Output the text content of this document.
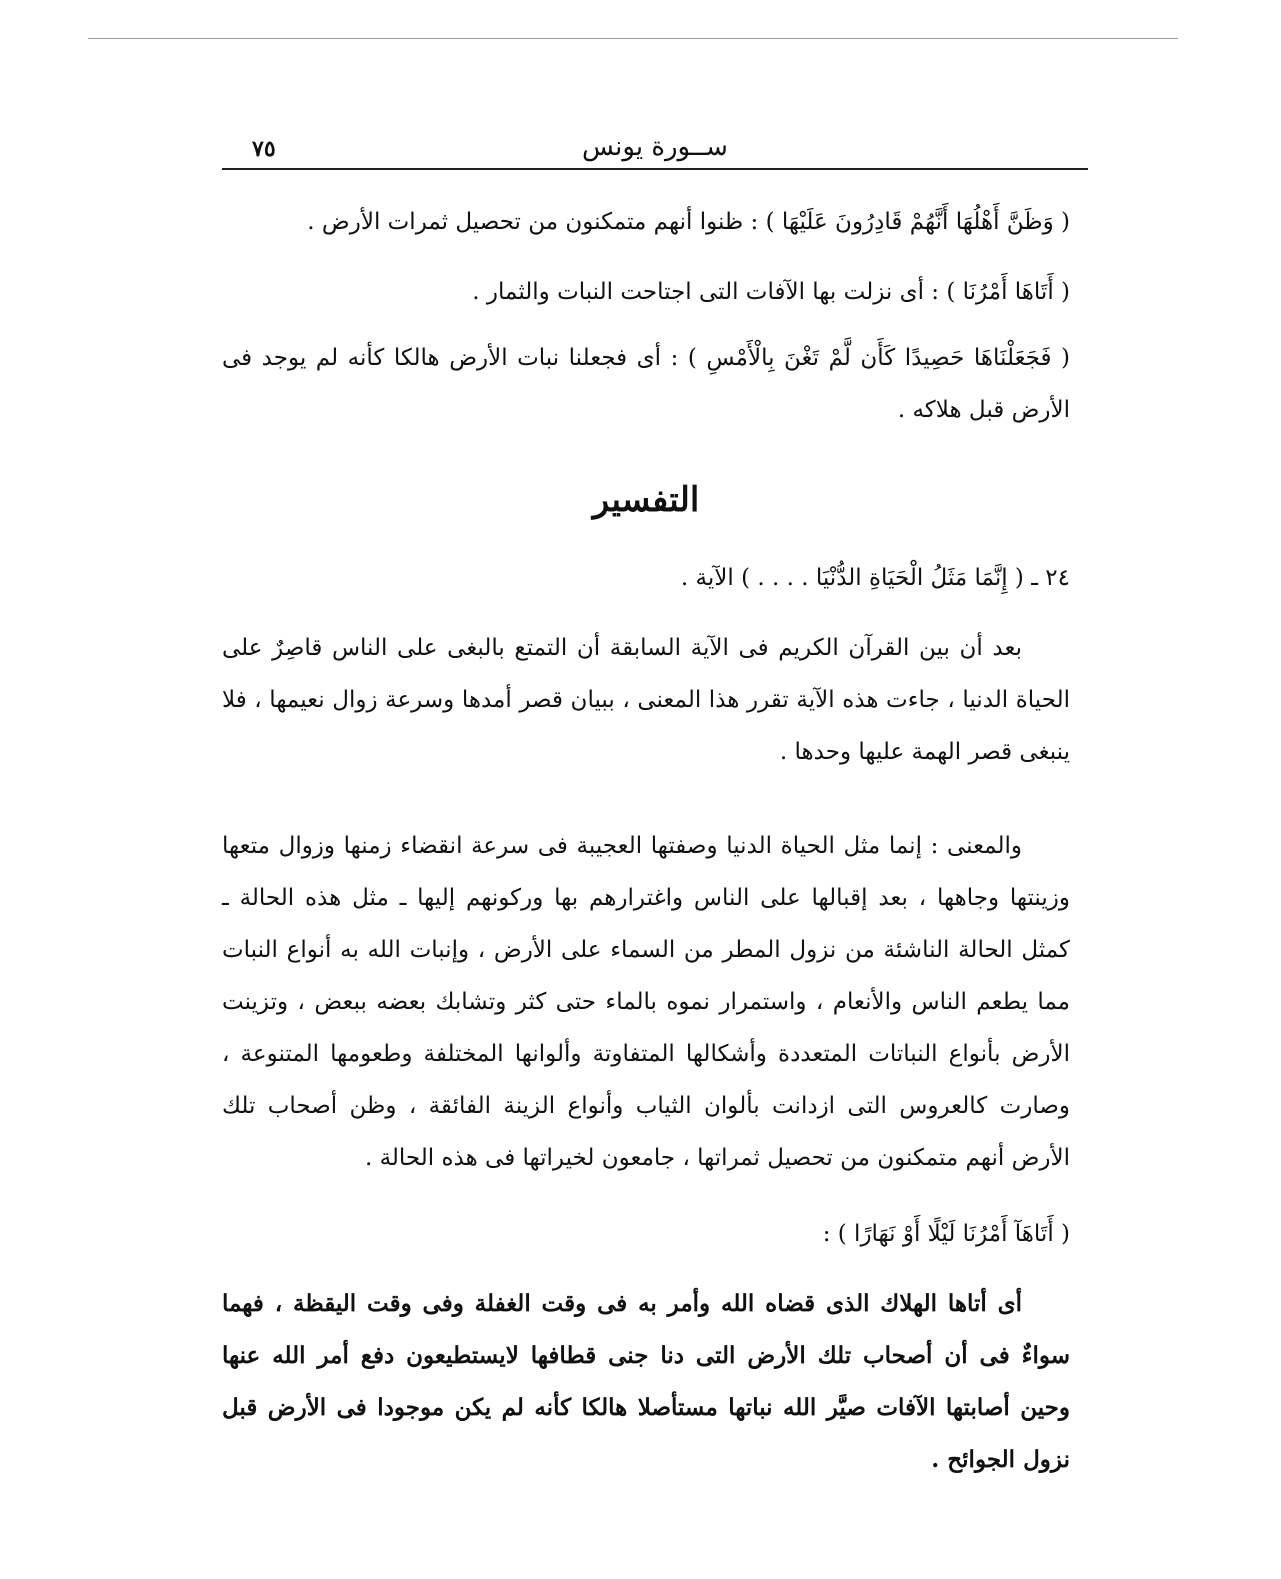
٧٥	ســورة يونس
( وَظَنَّ أَهْلُهَا أَنَّهُمْ قَادِرُونَ عَلَيْهَا ) : ظنوا أنهم متمكنون من تحصيل ثمرات الأرض .
( أَتَاهَا أَمْرُنَا ) : أى نزلت بها الآفات التى اجتاحت النبات والثمار .
( فَجَعَلْنَاهَا حَصِيدًا كَأَن لَّمْ تَغْنَ بِالْأَمْسِ ) : أى فجعلنا نبات الأرض هالكا كأنه لم يوجد فى الأرض قبل هلاكه .
التفسير
٢٤ ـ ( إِنَّمَا مَثَلُ الْحَيَاةِ الدُّنْيَا . . . . ) الآية .
بعد أن بين القرآن الكريم فى الآية السابقة أن التمتع بالبغى على الناس قاصِرٌ على الحياة الدنيا ، جاءت هذه الآية تقرر هذا المعنى ، ببيان قصر أمدها وسرعة زوال نعيمها ، فلا ينبغى قصر الهمة عليها وحدها .
والمعنى : إنما مثل الحياة الدنيا وصفتها العجيبة فى سرعة انقضاء زمنها وزوال متعها وزينتها وجاهها ، بعد إقبالها على الناس واغترارهم بها وركونهم إليها ـ مثل هذه الحالة ـ كمثل الحالة الناشئة من نزول المطر من السماء على الأرض ، وإنبات الله به أنواع النبات مما يطعم الناس والأنعام ، واستمرار نموه بالماء حتى كثر وتشابك بعضه ببعض ، وتزينت الأرض بأنواع النباتات المتعددة وأشكالها المتفاوتة وألوانها المختلفة وطعومها المتنوعة ، وصارت كالعروس التى ازدانت بألوان الثياب وأنواع الزينة الفائقة ، وظن أصحاب تلك الأرض أنهم متمكنون من تحصيل ثمراتها ، جامعون لخيراتها فى هذه الحالة .
( أَتَاهَآ أَمْرُنَا لَيْلًا أَوْ نَهَارًا ) :
أى أتاها الهلاك الذى قضاه الله وأمر به فى وقت الغفلة وفى وقت اليقظة ، فهما سواءٌ فى أن أصحاب تلك الأرض التى دنا جنى قطافها لايستطيعون دفع أمر الله عنها وحين أصابتها الآفات صيَّر الله نباتها مستأصلا هالكا كأنه لم يكن موجودا فى الأرض قبل نزول الجوائح .
